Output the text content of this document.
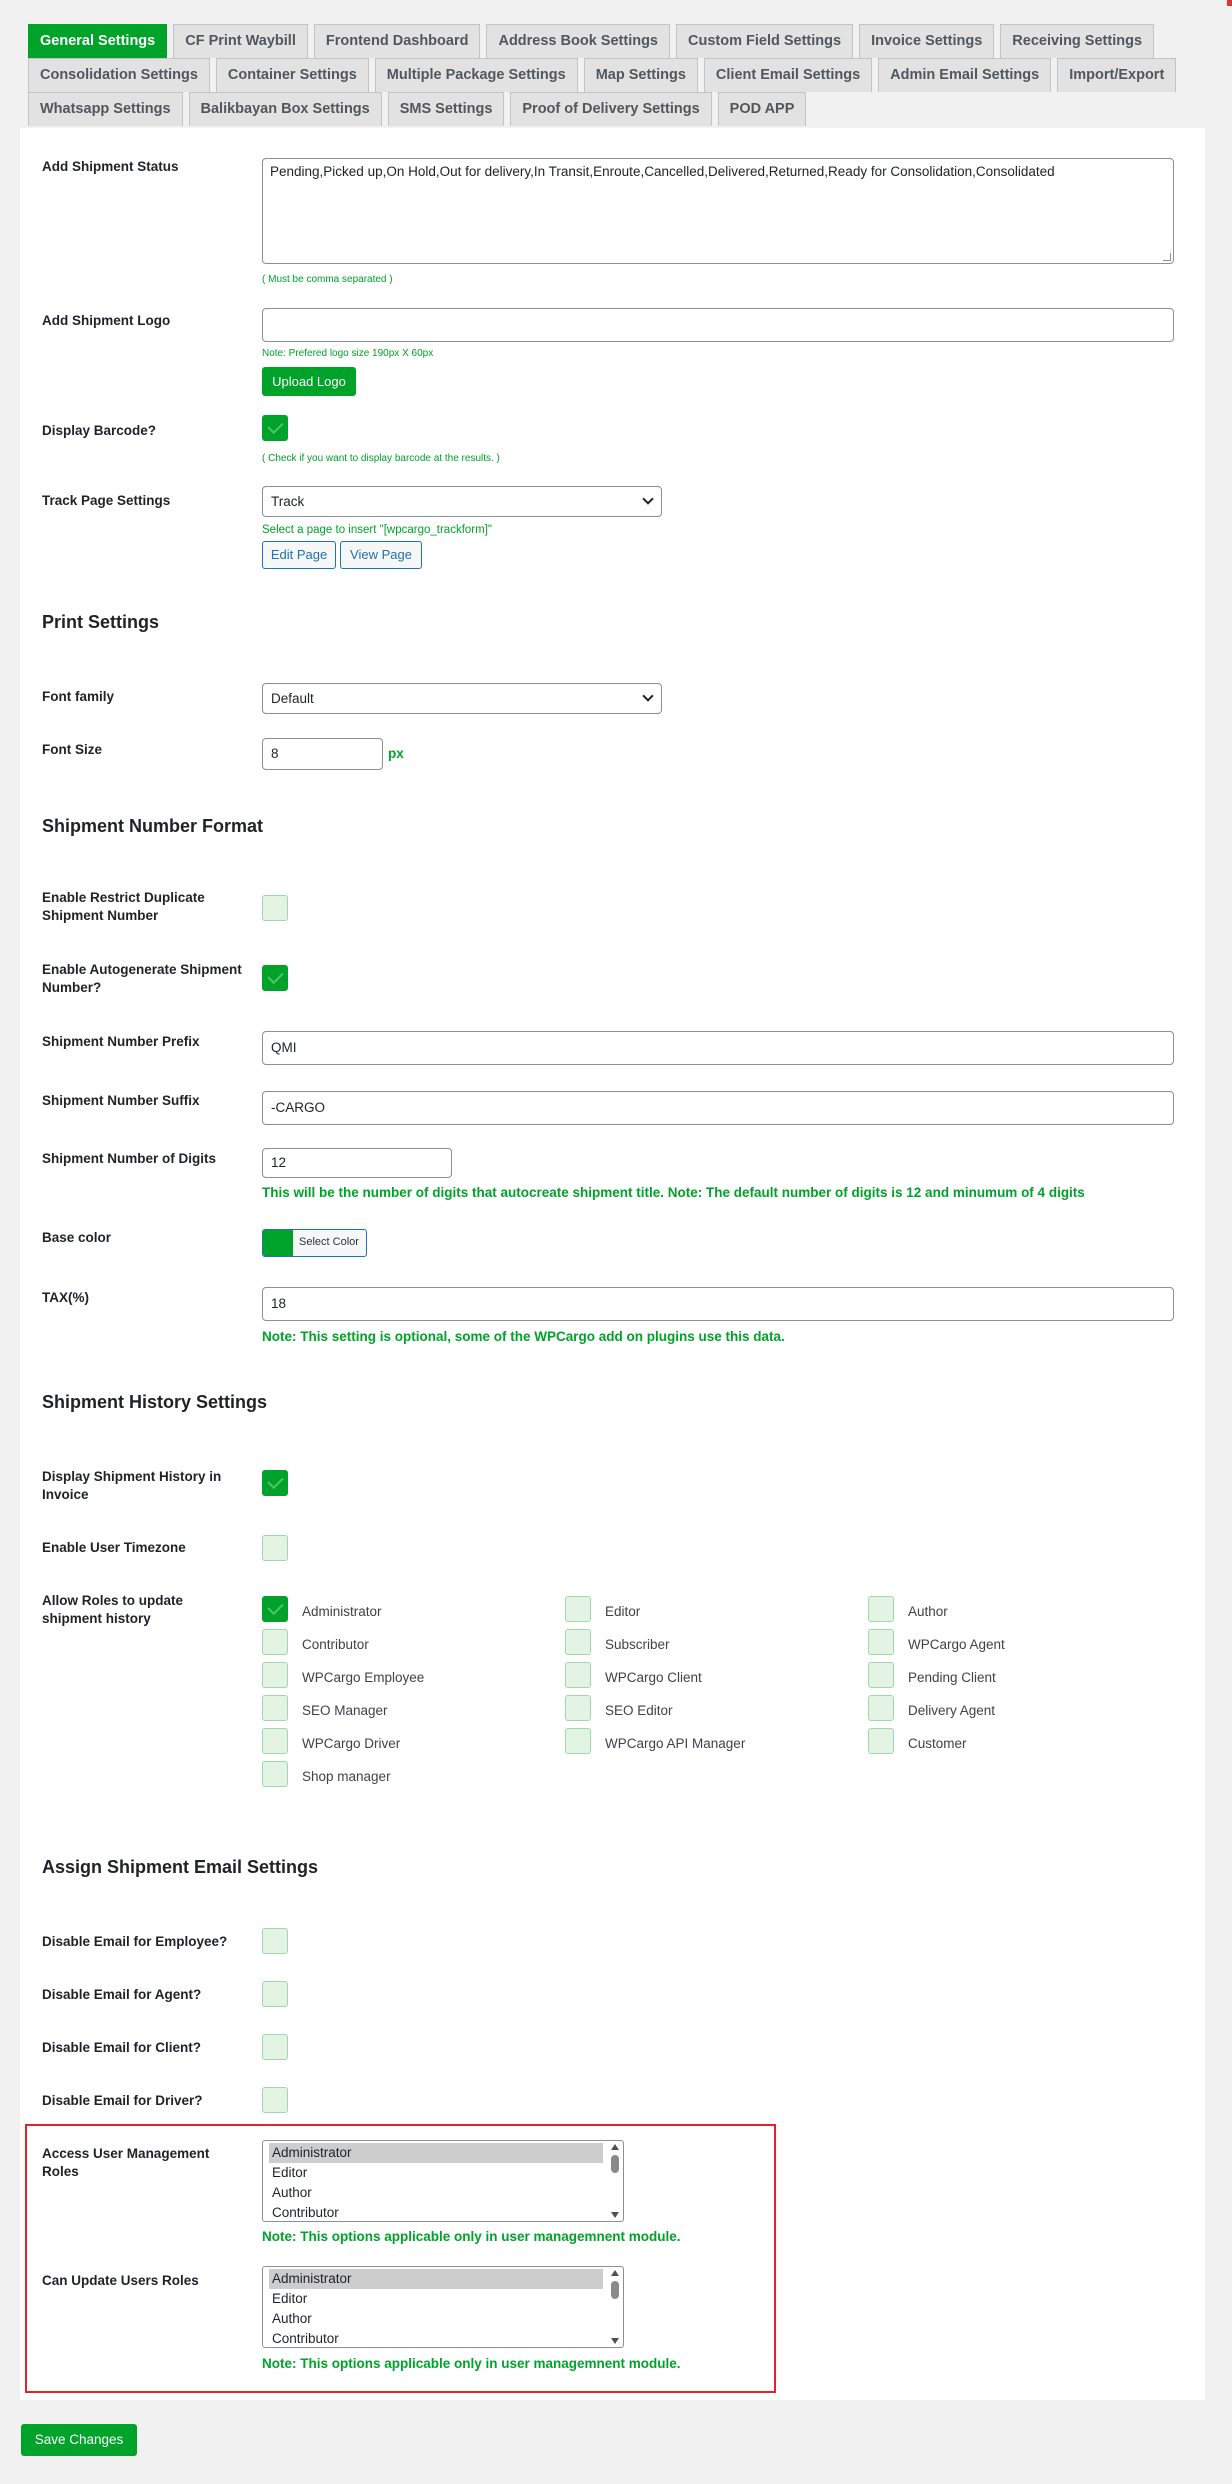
General Settings	CF Print Waybill	Frontend Dashboard	Address Book Settings	Custom Field Settings	Invoice Settings	Receiving Settings
Consolidation Settings	Container Settings	Multiple Package Settings	Map Settings	Client Email Settings	Admin Email Settings	Import/Export
Whatsapp Settings	Balikbayan Box Settings	SMS Settings	Proof of Delivery Settings	POD APP
Add Shipment Status	Pending,Picked up,On Hold,Out for delivery,In Transit,Enroute,Cancelled,Delivered,Returned,Ready for Consolidation,Consolidated
( Must be comma separated )
Add Shipment Logo
Note: Prefered logo size 190px X 60px
Upload Logo
Display Barcode?
( Check if you want to display barcode at the results. )
Track Page Settings	Track
Select a page to insert "[wpcargo_trackform]"
Edit Page	View Page
Print Settings
Font family	Default
Font Size	8	px
Shipment Number Format
Enable Restrict Duplicate Shipment Number
Enable Autogenerate Shipment Number?
Shipment Number Prefix	QMI
Shipment Number Suffix	-CARGO
Shipment Number of Digits	12
This will be the number of digits that autocreate shipment title. Note: The default number of digits is 12 and minumum of 4 digits
Base color	Select Color
TAX(%)	18
Note: This setting is optional, some of the WPCargo add on plugins use this data.
Shipment History Settings
Display Shipment History in Invoice
Enable User Timezone
Allow Roles to update shipment history	Administrator	Editor	Author
Contributor	Subscriber	WPCargo Agent
WPCargo Employee	WPCargo Client	Pending Client
SEO Manager	SEO Editor	Delivery Agent
WPCargo Driver	WPCargo API Manager	Customer
Shop manager
Assign Shipment Email Settings
Disable Email for Employee?
Disable Email for Agent?
Disable Email for Client?
Disable Email for Driver?
Access User Management Roles
Administrator
Editor
Author
Contributor
Note: This options applicable only in user managemnent module.
Can Update Users Roles	Administrator
Editor
Author
Contributor
Note: This options applicable only in user managemnent module.
Save Changes
